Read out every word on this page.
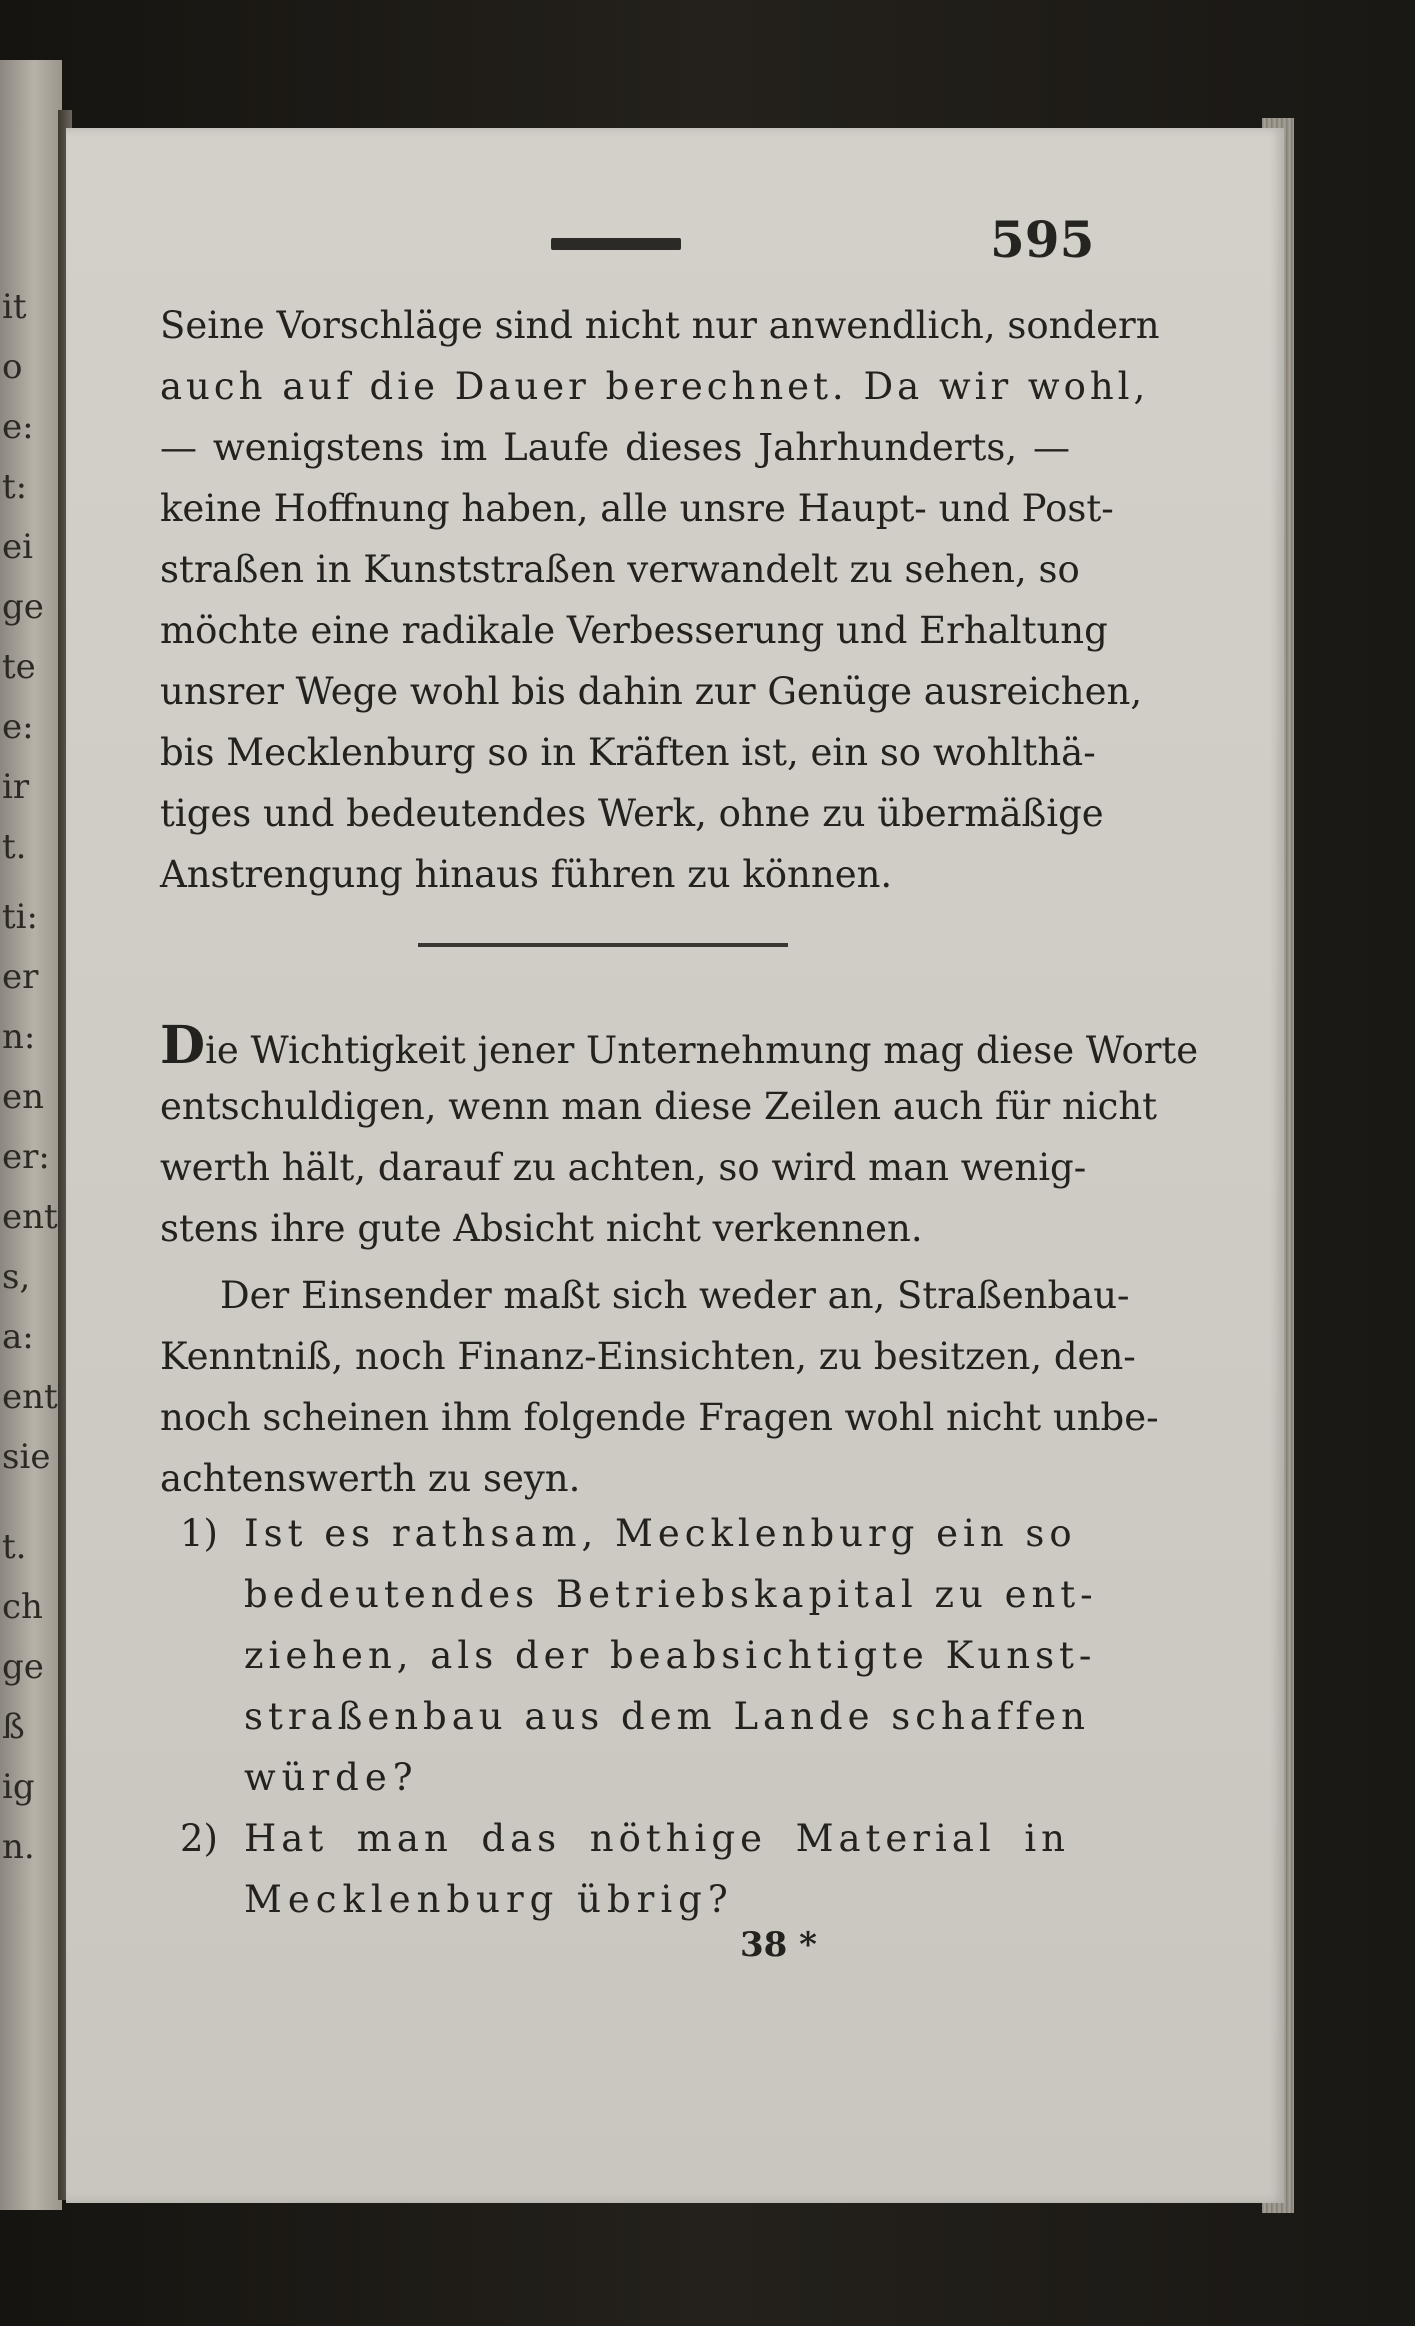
it
o
e:
t:
ei
ge
te
e:
ir
t.
ti:
er
n:
en
er:
ent
s,
a:
ent
sie
t.
ch
ge
ß
ig
n.
595
Seine Vorschläge sind nicht nur anwendlich, sondern
auch auf die Dauer berechnet. Da wir wohl,
— wenigstens im Laufe dieses Jahrhunderts, —
keine Hoffnung haben, alle unsre Haupt- und Post-
straßen in Kunststraßen verwandelt zu sehen, so
möchte eine radikale Verbesserung und Erhaltung
unsrer Wege wohl bis dahin zur Genüge ausreichen,
bis Mecklenburg so in Kräften ist, ein so wohlthä-
tiges und bedeutendes Werk, ohne zu übermäßige
Anstrengung hinaus führen zu können.
Die Wichtigkeit jener Unternehmung mag diese Worte
entschuldigen, wenn man diese Zeilen auch für nicht
werth hält, darauf zu achten, so wird man wenig-
stens ihre gute Absicht nicht verkennen.
Der Einsender maßt sich weder an, Straßenbau-
Kenntniß, noch Finanz-Einsichten, zu besitzen, den-
noch scheinen ihm folgende Fragen wohl nicht unbe-
achtenswerth zu seyn.
1) Ist es rathsam, Mecklenburg ein so
bedeutendes Betriebskapital zu ent-
ziehen, als der beabsichtigte Kunst-
straßenbau aus dem Lande schaffen
würde?
2) Hat man das nöthige Material in
Mecklenburg übrig?
38 *
